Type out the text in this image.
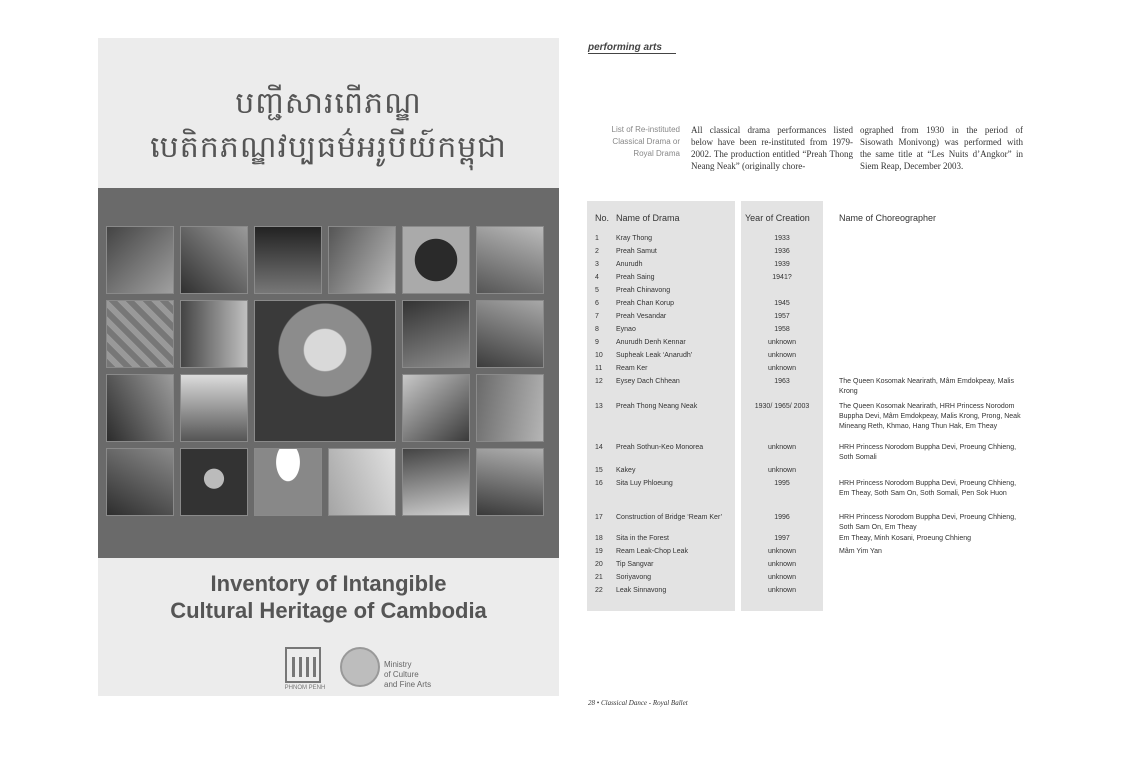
បញ្ជីសារពើភណ្ឌ
បេតិកភណ្ឌវប្បធម៌អរូបីយ៍កម្ពុជា
Inventory of Intangible
Cultural Heritage of Cambodia
PHNOM PENH
Ministry
of Culture
and Fine Arts
performing arts
List of Re-instituted Classical Drama or Royal Drama
All classical drama performances listed below have been re-instituted from 1979-2002. The production entitled “Preah Thong Neang Neak” (originally chore-
ographed from 1930 in the period of Sisowath Monivong) was performed with the same title at “Les Nuits d’Angkor” in Siem Reap, December 2003.
No. Name of Drama	Year of Creation	Name of Choreographer
1 Kray Thong	1933
2 Preah Samut	1936
3 Anurudh	1939
4 Preah Saing	1941?
5 Preah Chinavong
6 Preah Chan Korup	1945
7 Preah Vesandar	1957
8 Eynao	1958
9 Anurudh Denh Kennar	unknown
10 Supheak Leak ‘Anarudh’	unknown
11 Ream Ker	unknown
12 Eysey Dach Chhean	1963	The Queen Kosomak Nearirath, Mâm Emdokpeay, Malis Krong
13 Preah Thong Neang Neak	1930/ 1965/ 2003	The Queen Kosomak Nearirath, HRH Princess Norodom Buppha Devi, Mâm Emdokpeay, Malis Krong, Prong, Neak Mineang Reth, Khmao, Hang Thun Hak, Em Theay
14 Preah Sothun-Keo Monorea	unknown	HRH Princess Norodom Buppha Devi, Proeung Chhieng, Soth Somali
15 Kakey	unknown
16 Sita Luy Phloeung	1995	HRH Princess Norodom Buppha Devi, Proeung Chhieng, Em Theay, Soth Sam On, Soth Somali, Pen Sok Huon
17 Construction of Bridge ‘Ream Ker’	1996	HRH Princess Norodom Buppha Devi, Proeung Chhieng, Soth Sam On, Em Theay
18 Sita in the Forest	1997	Em Theay, Minh Kosani, Proeung Chhieng
19 Ream Leak-Chop Leak	unknown	Mâm Yim Yan
20 Tip Sangvar	unknown
21 Soriyavong	unknown
22 Leak Sinnavong	unknown
28 • Classical Dance - Royal Ballet
